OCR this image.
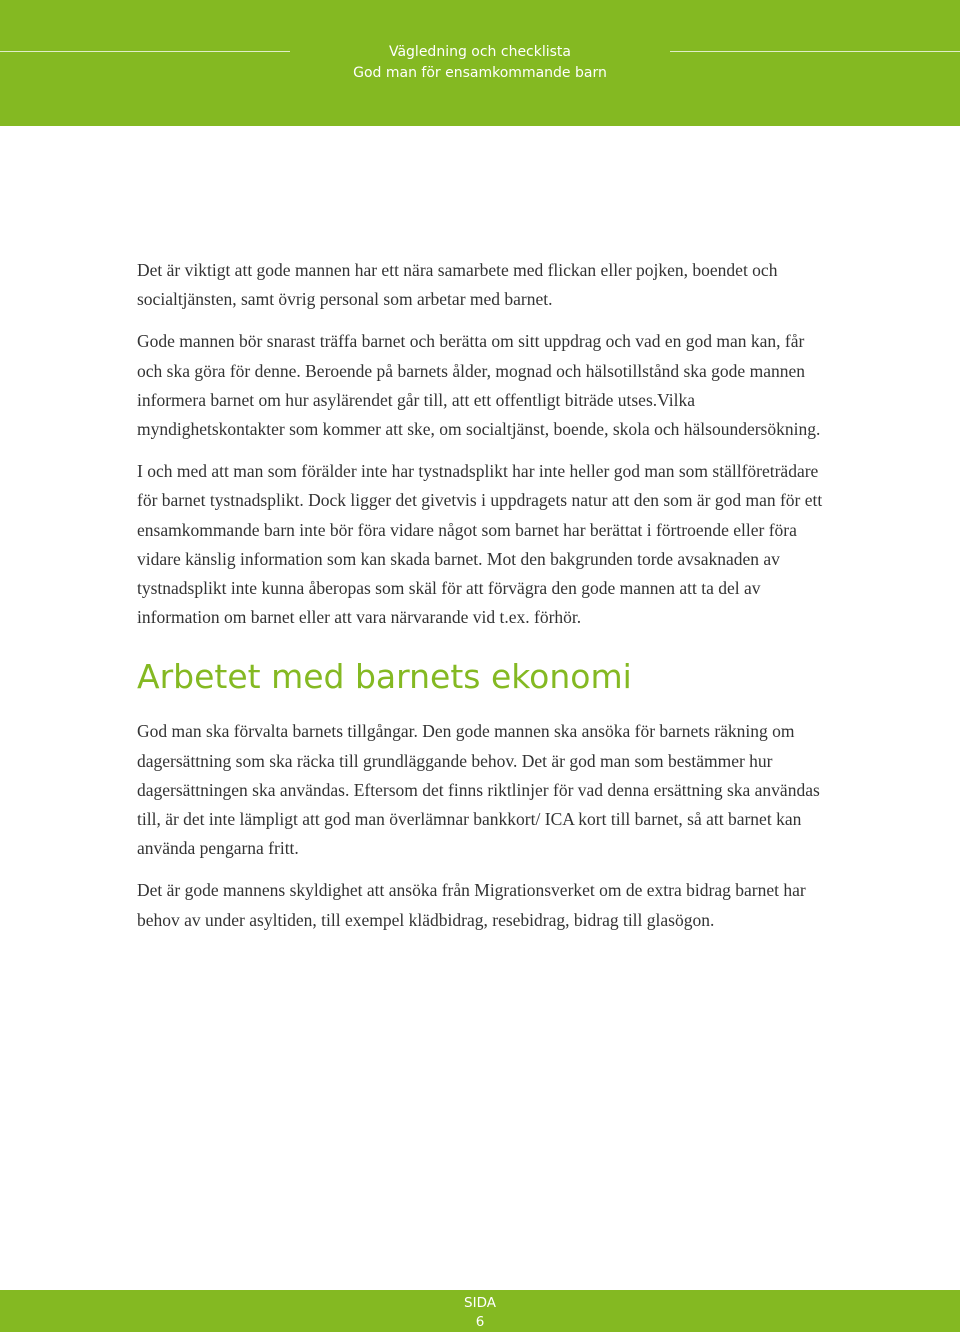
Vägledning och checklista
God man för ensamkommande barn

Det är viktigt att gode mannen har ett nära samarbete med flickan eller pojken, boendet och socialtjänsten, samt övrig personal som arbetar med barnet.

Gode mannen bör snarast träffa barnet och berätta om sitt uppdrag och vad en god man kan, får och ska göra för denne. Beroende på barnets ålder, mognad och hälsotillstånd ska gode mannen informera barnet om hur asylärendet går till, att ett offentligt biträde utses.Vilka myndighetskontakter som kommer att ske, om socialtjänst, boende, skola och hälsoundersökning.

I och med att man som förälder inte har tystnadsplikt har inte heller god man som ställföreträdare för barnet tystnadsplikt. Dock ligger det givetvis i uppdragets natur att den som är god man för ett ensamkommande barn inte bör föra vidare något som barnet har berättat i förtroende eller föra vidare känslig information som kan skada barnet. Mot den bakgrunden torde avsaknaden av tystnadsplikt inte kunna åberopas som skäl för att förvägra den gode mannen att ta del av information om barnet eller att vara närvarande vid t.ex. förhör.

Arbetet med barnets ekonomi

God man ska förvalta barnets tillgångar. Den gode mannen ska ansöka för barnets räkning om dagersättning som ska räcka till grundläggande behov. Det är god man som bestämmer hur dagersättningen ska användas. Eftersom det finns riktlinjer för vad denna ersättning ska användas till, är det inte lämpligt att god man överlämnar bankkort/ ICA kort till barnet, så att barnet kan använda pengarna fritt.

Det är gode mannens skyldighet att ansöka från Migrationsverket om de extra bidrag barnet har behov av under asyltiden, till exempel klädbidrag, resebidrag, bidrag till glasögon.

SIDA
6
